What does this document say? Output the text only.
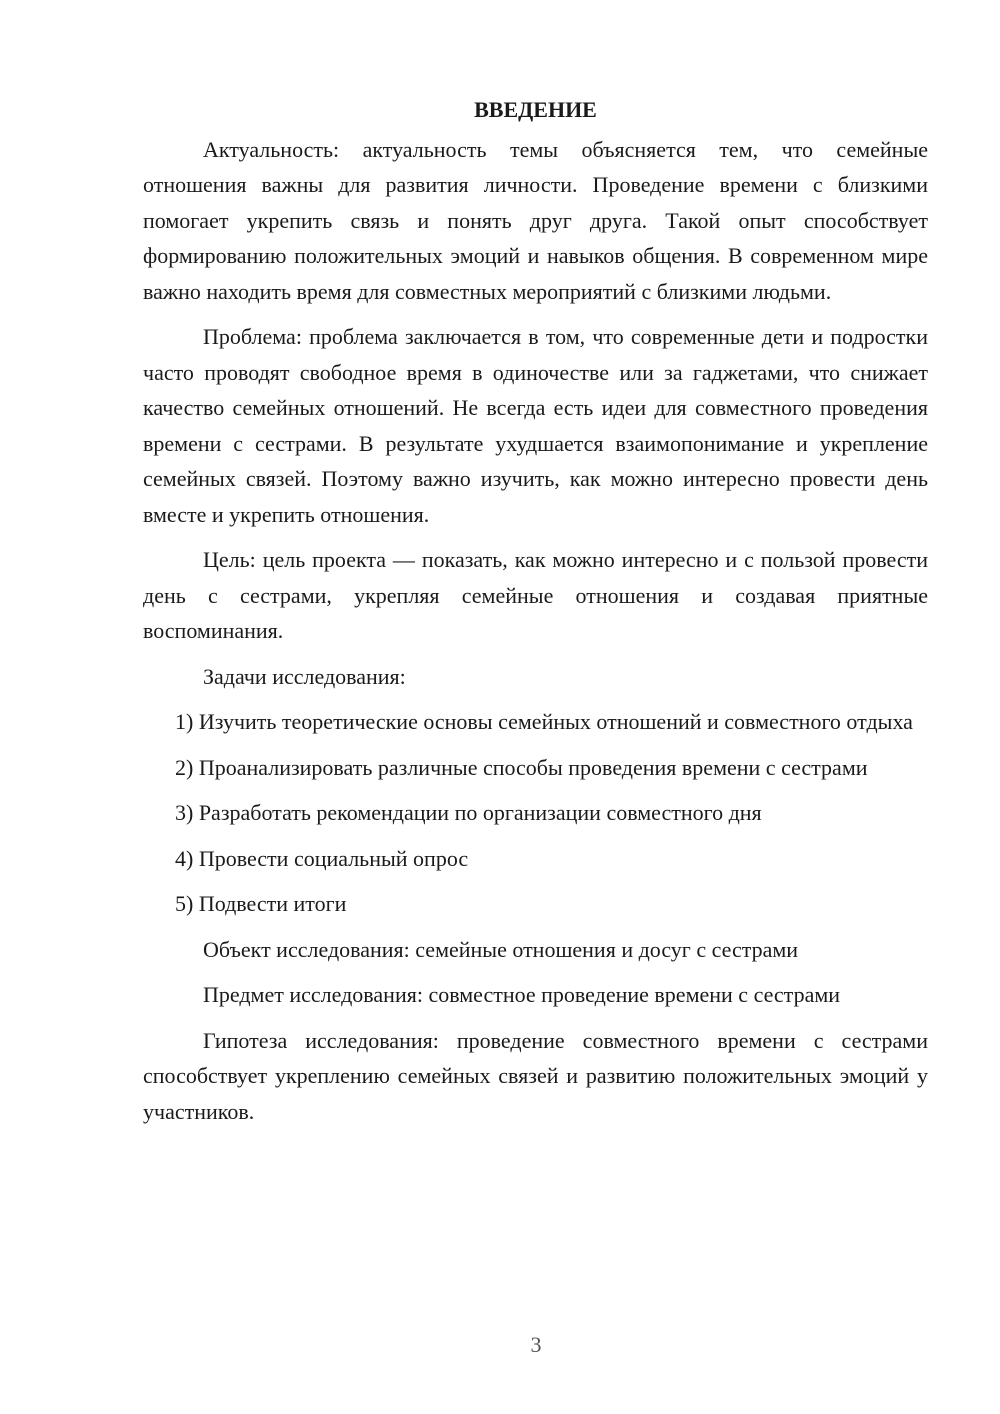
ВВЕДЕНИЕ

Актуальность: актуальность темы объясняется тем, что семейные отношения важны для развития личности. Проведение времени с близкими помогает укрепить связь и понять друг друга. Такой опыт способствует формированию положительных эмоций и навыков общения. В современном мире важно находить время для совместных мероприятий с близкими людьми.

Проблема: проблема заключается в том, что современные дети и подростки часто проводят свободное время в одиночестве или за гаджетами, что снижает качество семейных отношений. Не всегда есть идеи для совместного проведения времени с сестрами. В результате ухудшается взаимопонимание и укрепление семейных связей. Поэтому важно изучить, как можно интересно провести день вместе и укрепить отношения.

Цель: цель проекта — показать, как можно интересно и с пользой провести день с сестрами, укрепляя семейные отношения и создавая приятные воспоминания.

Задачи исследования:

1) Изучить теоретические основы семейных отношений и совместного отдыха

2) Проанализировать различные способы проведения времени с сестрами

3) Разработать рекомендации по организации совместного дня

4) Провести социальный опрос

5) Подвести итоги

Объект исследования: семейные отношения и досуг с сестрами

Предмет исследования: совместное проведение времени с сестрами

Гипотеза исследования: проведение совместного времени с сестрами способствует укреплению семейных связей и развитию положительных эмоций у участников.

3
